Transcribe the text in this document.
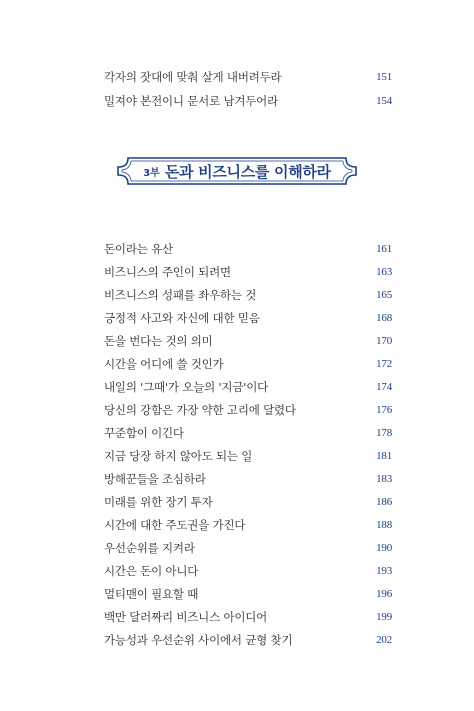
각자의 잣대에 맞춰 살게 내버려두라	151
밀져야 본전이니 문서로 남겨두어라	154
3부 돈과 비즈니스를 이해하라
돈이라는 유산	161
비즈니스의 주인이 되려면	163
비즈니스의 성패를 좌우하는 것	165
긍정적 사고와 자신에 대한 믿음	168
돈을 번다는 것의 의미	170
시간을 어디에 쓸 것인가	172
내일의 '그때'가 오늘의 '지금'이다	174
당신의 강함은 가장 약한 고리에 달렸다	176
꾸준함이 이긴다	178
지금 당장 하지 않아도 되는 일	181
방해꾼들을 조심하라	183
미래를 위한 장기 투자	186
시간에 대한 주도권을 가진다	188
우선순위를 지켜라	190
시간은 돈이 아니다	193
멀티맨이 필요할 때	196
백만 달러짜리 비즈니스 아이디어	199
가능성과 우선순위 사이에서 균형 찾기	202
